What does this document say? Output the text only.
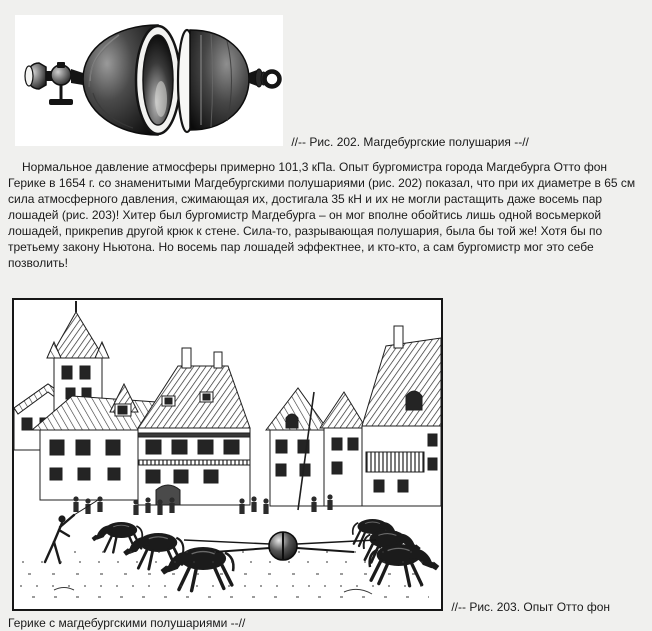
//-- Рис. 202. Магдебургские полушария --//

Нормальное давление атмосферы примерно 101,3 кПа. Опыт бургомистра города Магдебурга Отто фон Герике в 1654 г. со знаменитыми Магдебургскими полушариями (рис. 202) показал, что при их диаметре в 65 см сила атмосферного давления, сжимающая их, достигала 35 кН и их не могли растащить даже восемь пар лошадей (рис. 203)! Хитер был бургомистр Магдебурга – он мог вполне обойтись лишь одной восьмеркой лошадей, прикрепив другой крюк к стене. Сила-то, разрывающая полушария, была бы той же! Хотя бы по третьему закону Ньютона. Но восемь пар лошадей эффектнее, и кто-кто, а сам бургомистр мог это себе позволить!

//-- Рис. 203. Опыт Отто фон Герике с магдебургскими полушариями --//
